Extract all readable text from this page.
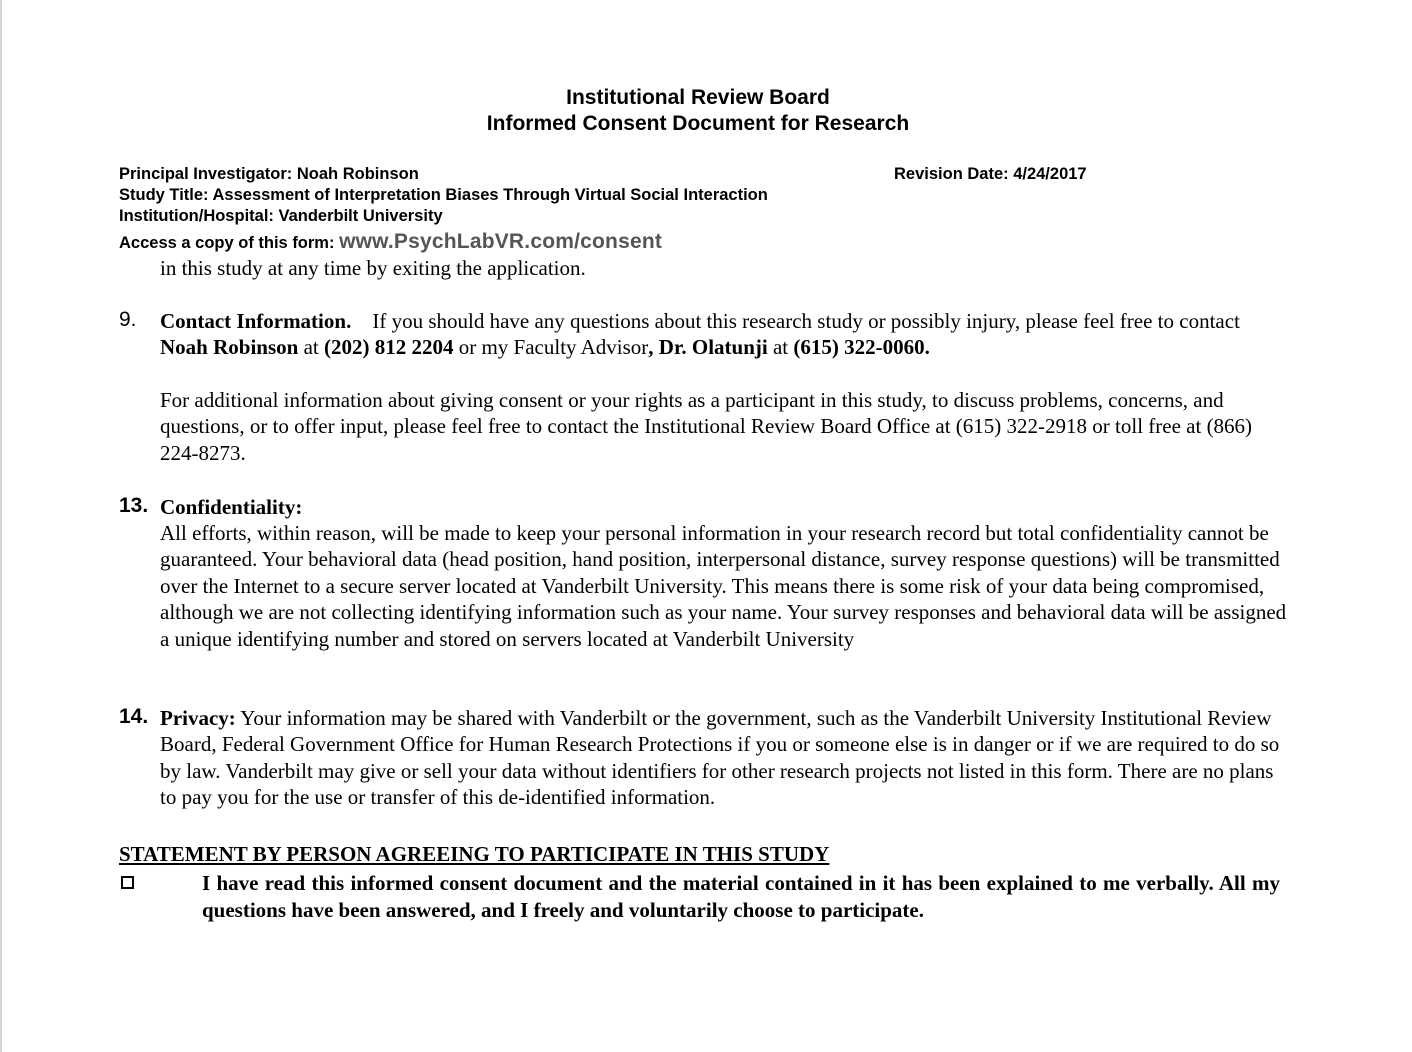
Institutional Review Board
Informed Consent Document for Research
Principal Investigator: Noah Robinson	Revision Date: 4/24/2017
Study Title: Assessment of Interpretation Biases Through Virtual Social Interaction
Institution/Hospital: Vanderbilt University
Access a copy of this form: www.PsychLabVR.com/consent
in this study at any time by exiting the application.
9. Contact Information. If you should have any questions about this research study or possibly injury, please feel free to contact Noah Robinson at (202) 812 2204 or my Faculty Advisor, Dr. Olatunji at (615) 322-0060.
For additional information about giving consent or your rights as a participant in this study, to discuss problems, concerns, and questions, or to offer input, please feel free to contact the Institutional Review Board Office at (615) 322-2918 or toll free at (866) 224-8273.
13. Confidentiality:
All efforts, within reason, will be made to keep your personal information in your research record but total confidentiality cannot be guaranteed. Your behavioral data (head position, hand position, interpersonal distance, survey response questions) will be transmitted over the Internet to a secure server located at Vanderbilt University. This means there is some risk of your data being compromised, although we are not collecting identifying information such as your name. Your survey responses and behavioral data will be assigned a unique identifying number and stored on servers located at Vanderbilt University
14. Privacy: Your information may be shared with Vanderbilt or the government, such as the Vanderbilt University Institutional Review Board, Federal Government Office for Human Research Protections if you or someone else is in danger or if we are required to do so by law. Vanderbilt may give or sell your data without identifiers for other research projects not listed in this form. There are no plans to pay you for the use or transfer of this de-identified information.
STATEMENT BY PERSON AGREEING TO PARTICIPATE IN THIS STUDY
I have read this informed consent document and the material contained in it has been explained to me verbally. All my questions have been answered, and I freely and voluntarily choose to participate.
